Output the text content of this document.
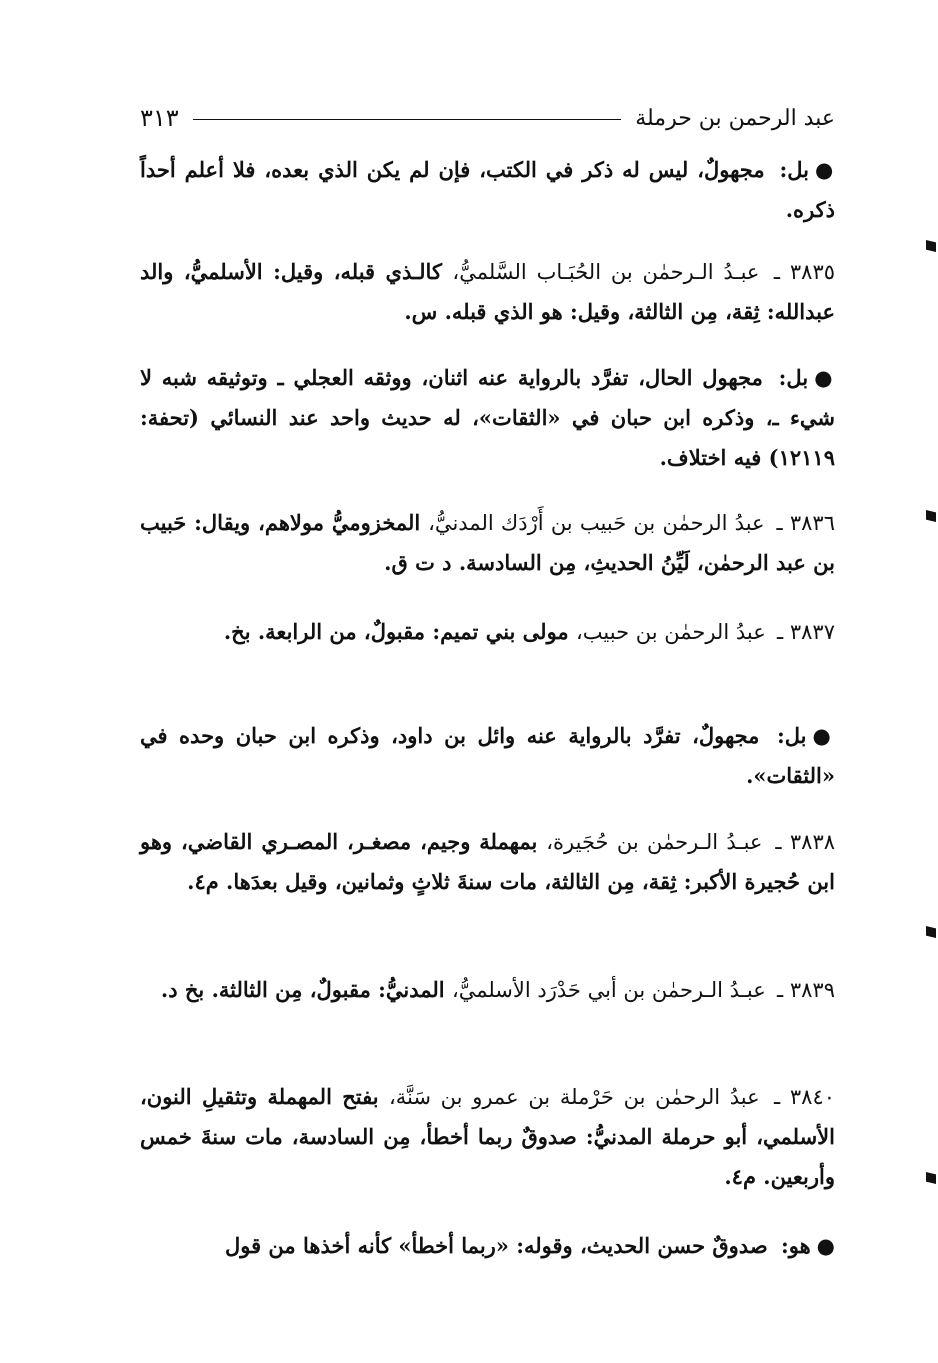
عبد الرحمن بن حرملة
٣١٣
●بل: مجهولٌ، ليس له ذكر في الكتب، فإن لم يكن الذي بعده، فلا أعلم أحداً ذكره.
٣٨٣٥ ـ عبـدُ الـرحمٰن بن الحُبَـاب السَّلميُّ، كالـذي قبله، وقيل: الأسلميُّ، والد عبدالله: ثِقة، مِن الثالثة، وقيل: هو الذي قبله. س.
●بل: مجهول الحال، تفرَّد بالرواية عنه اثنان، ووثقه العجلي ـ وتوثيقه شبه لا شيء ـ، وذكره ابن حبان في «الثقات»، له حديث واحد عند النسائي (تحفة: ١٢١١٩) فيه اختلاف.
٣٨٣٦ ـ عبدُ الرحمٰن بن حَبيب بن أَرْدَك المدنيُّ، المخزوميُّ مولاهم، ويقال: حَبيب بن عبد الرحمٰن، لَيِّنُ الحديثِ، مِن السادسة. د ت ق.
٣٨٣٧ ـ عبدُ الرحمٰن بن حبيب، مولى بني تميم: مقبولٌ، من الرابعة. بخ.
●بل: مجهولٌ، تفرَّد بالرواية عنه وائل بن داود، وذكره ابن حبان وحده في «الثقات».
٣٨٣٨ ـ عبـدُ الـرحمٰن بن حُجَيرة، بمهملة وجيم، مصغـر، المصـري القاضي، وهو ابن حُجيرة الأكبر: ثِقة، مِن الثالثة، مات سنةَ ثلاثٍ وثمانين، وقيل بعدَها. م٤.
٣٨٣٩ ـ عبـدُ الـرحمٰن بن أبي حَدْرَد الأسلميُّ، المدنيُّ: مقبولٌ، مِن الثالثة. بخ د.
٣٨٤٠ ـ عبدُ الرحمٰن بن حَرْملة بن عمرو بن سَنَّة، بفتح المهملة وتثقيلِ النون، الأسلمي، أبو حرملة المدنيُّ: صدوقٌ ربما أخطأ، مِن السادسة، مات سنةَ خمس وأربعين. م٤.
●هو: صدوقٌ حسن الحديث، وقوله: «ربما أخطأ» كأنه أخذها من قول
